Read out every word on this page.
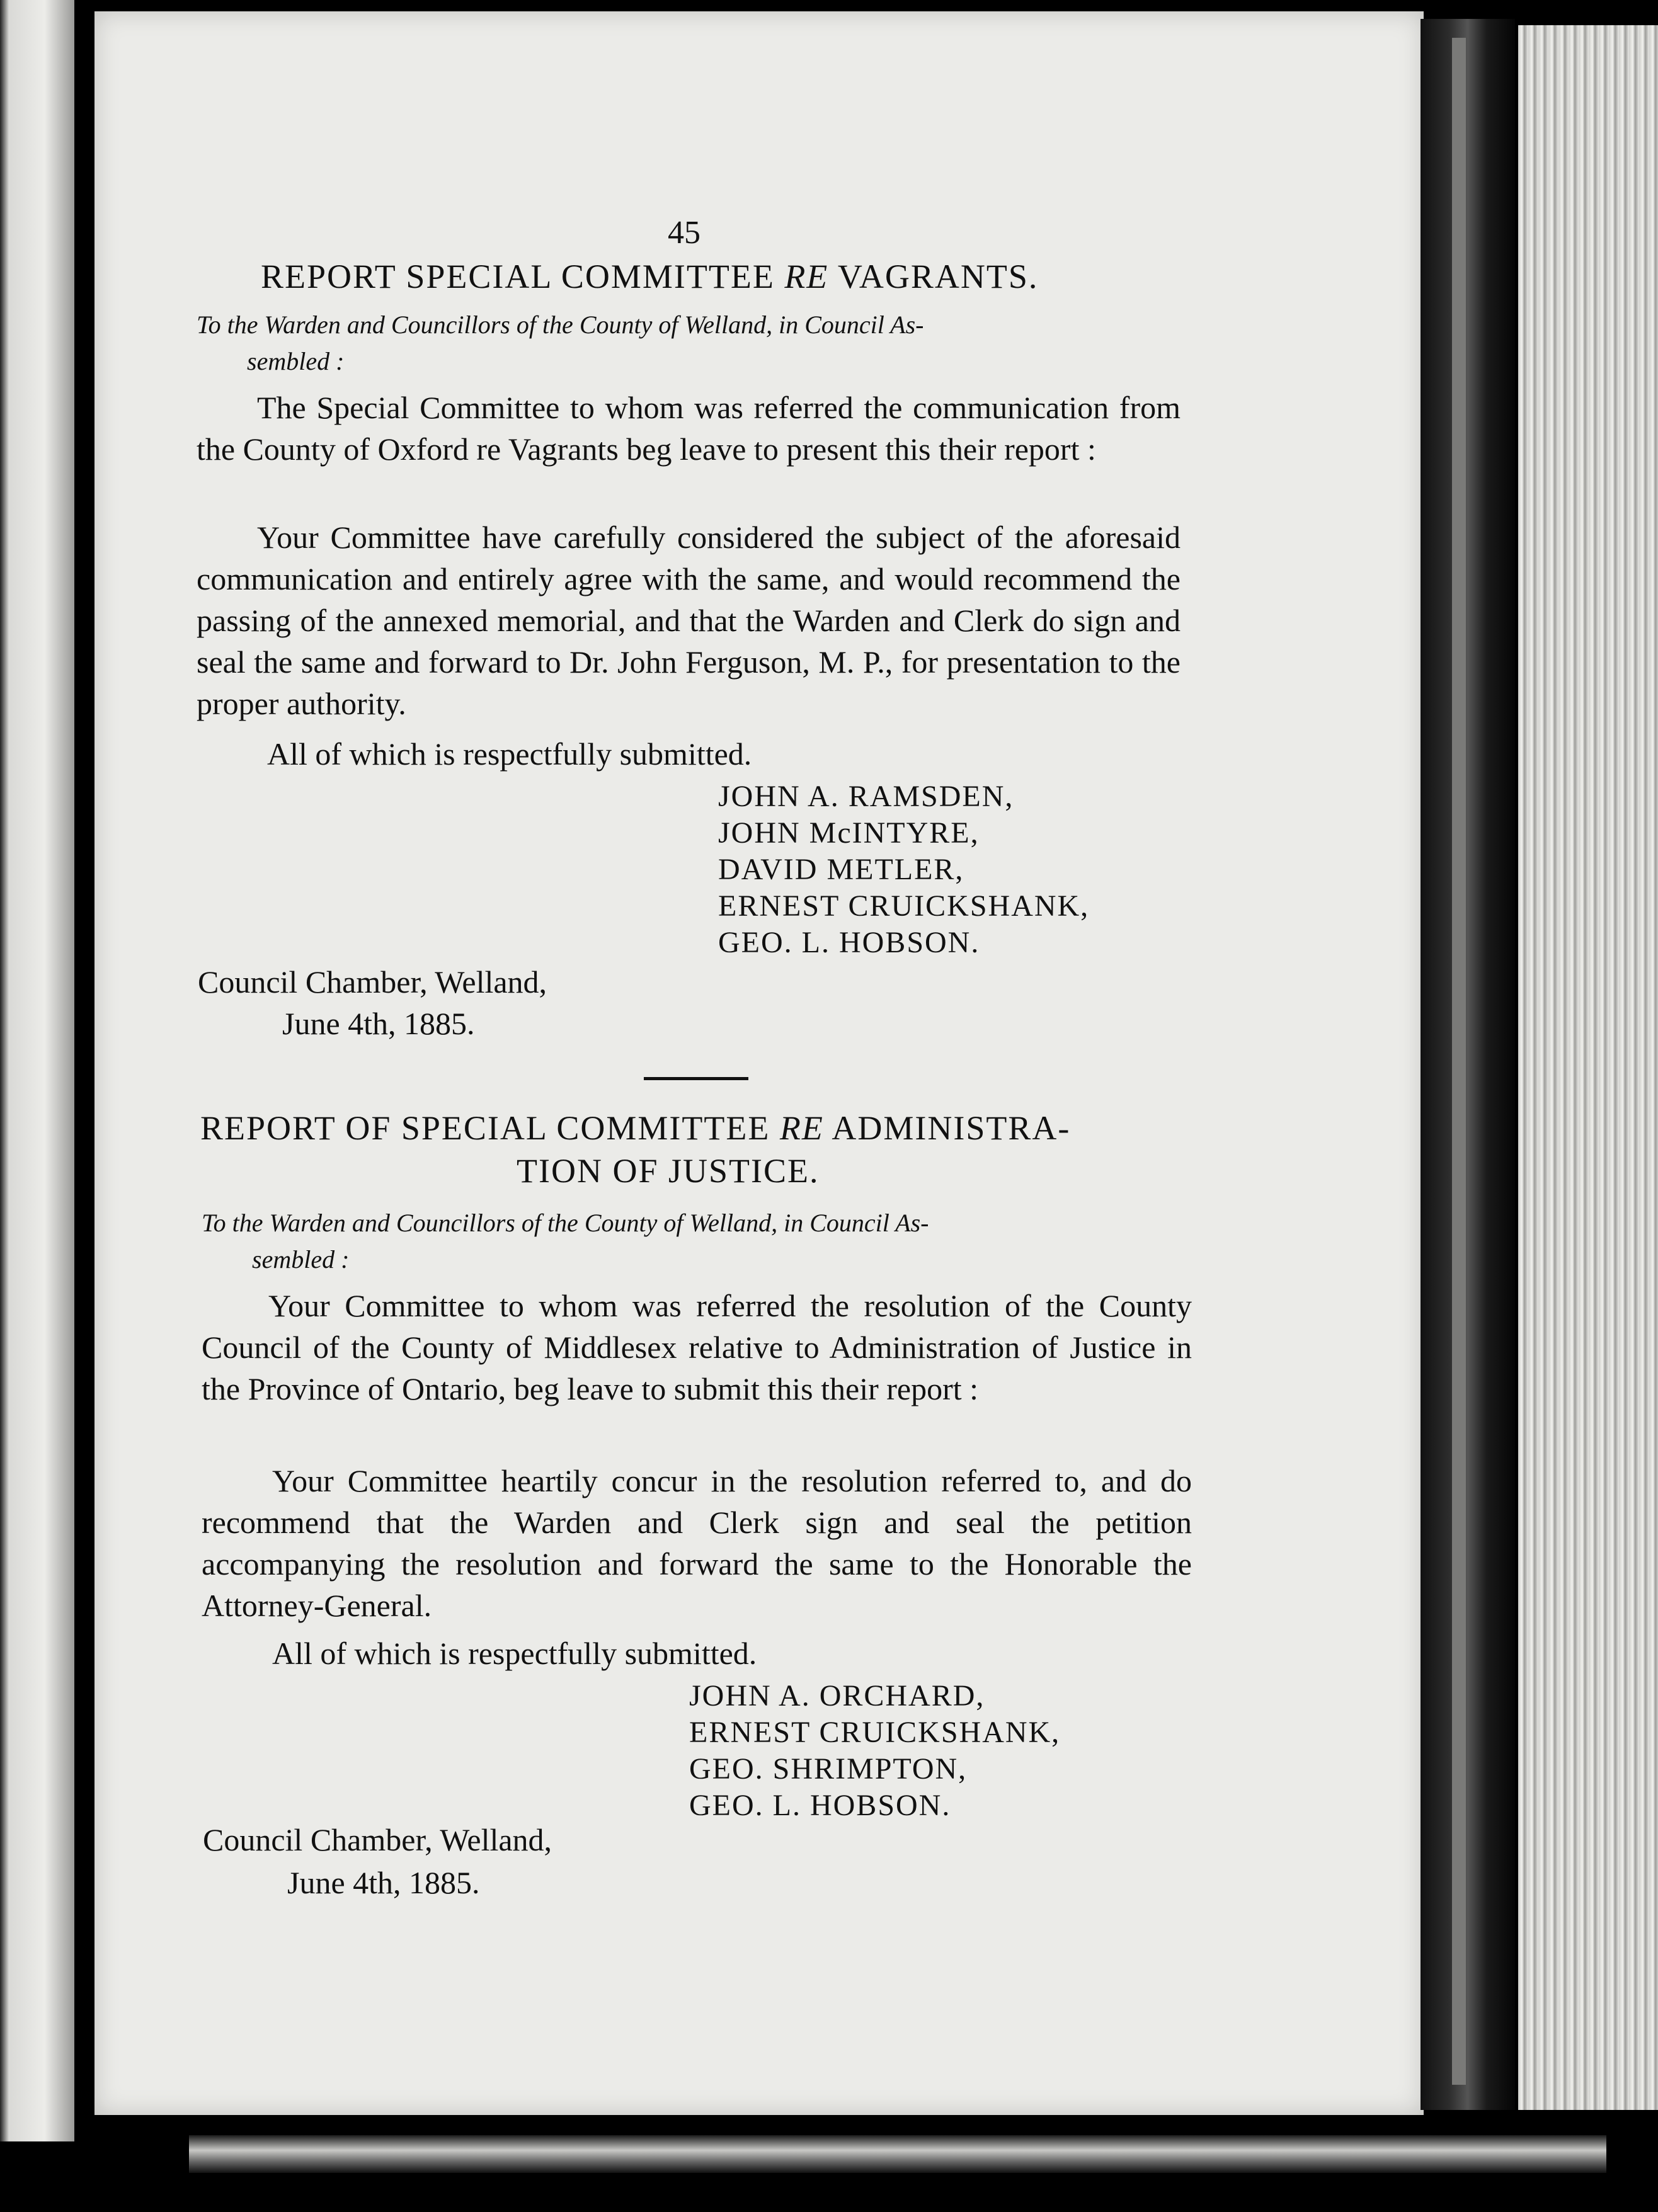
45

REPORT SPECIAL COMMITTEE RE VAGRANTS.

To the Warden and Councillors of the County of Welland, in Council As-

sembled :

The Special Committee to whom was referred the communication from the County of Oxford re Vagrants beg leave to present this their report :

Your Committee have carefully considered the subject of the aforesaid communication and entirely agree with the same, and would recommend the passing of the annexed memorial, and that the Warden and Clerk do sign and seal the same and forward to Dr. John Ferguson, M. P., for presentation to the proper authority.

All of which is respectfully submitted.

JOHN A. RAMSDEN,
JOHN McINTYRE,
DAVID METLER,
ERNEST CRUICKSHANK,
GEO. L. HOBSON.

Council Chamber, Welland,

June 4th, 1885.

REPORT OF SPECIAL COMMITTEE RE ADMINISTRA-

TION OF JUSTICE.

To the Warden and Councillors of the County of Welland, in Council As-

sembled :

Your Committee to whom was referred the resolution of the County Council of the County of Middlesex relative to Administration of Justice in the Province of Ontario, beg leave to submit this their report :

Your Committee heartily concur in the resolution referred to, and do recommend that the Warden and Clerk sign and seal the petition accompanying the resolution and forward the same to the Honorable the Attorney-General.

All of which is respectfully submitted.

JOHN A. ORCHARD,
ERNEST CRUICKSHANK,
GEO. SHRIMPTON,
GEO. L. HOBSON.

Council Chamber, Welland,

June 4th, 1885.
